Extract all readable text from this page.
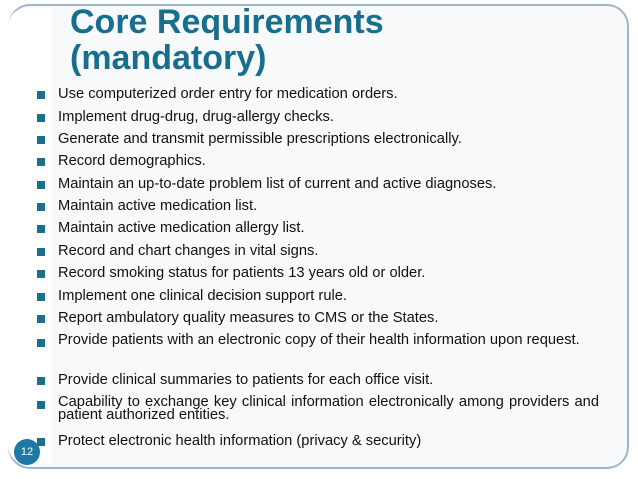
Core Requirements
(mandatory)
Use computerized order entry for medication orders.
Implement drug-drug, drug-allergy checks.
Generate and transmit permissible prescriptions electronically.
Record demographics.
Maintain an up-to-date problem list of current and active diagnoses.
Maintain active medication list.
Maintain active medication allergy list.
Record and chart changes in vital signs.
Record smoking status for patients 13 years old or older.
Implement one clinical decision support rule.
Report ambulatory quality measures to CMS or the States.
Provide patients with an electronic copy of their health information upon request.
Provide clinical summaries to patients for each office visit.
Capability to exchange key clinical information electronically among providers and patient authorized entities.
Protect electronic health information (privacy & security)
12
